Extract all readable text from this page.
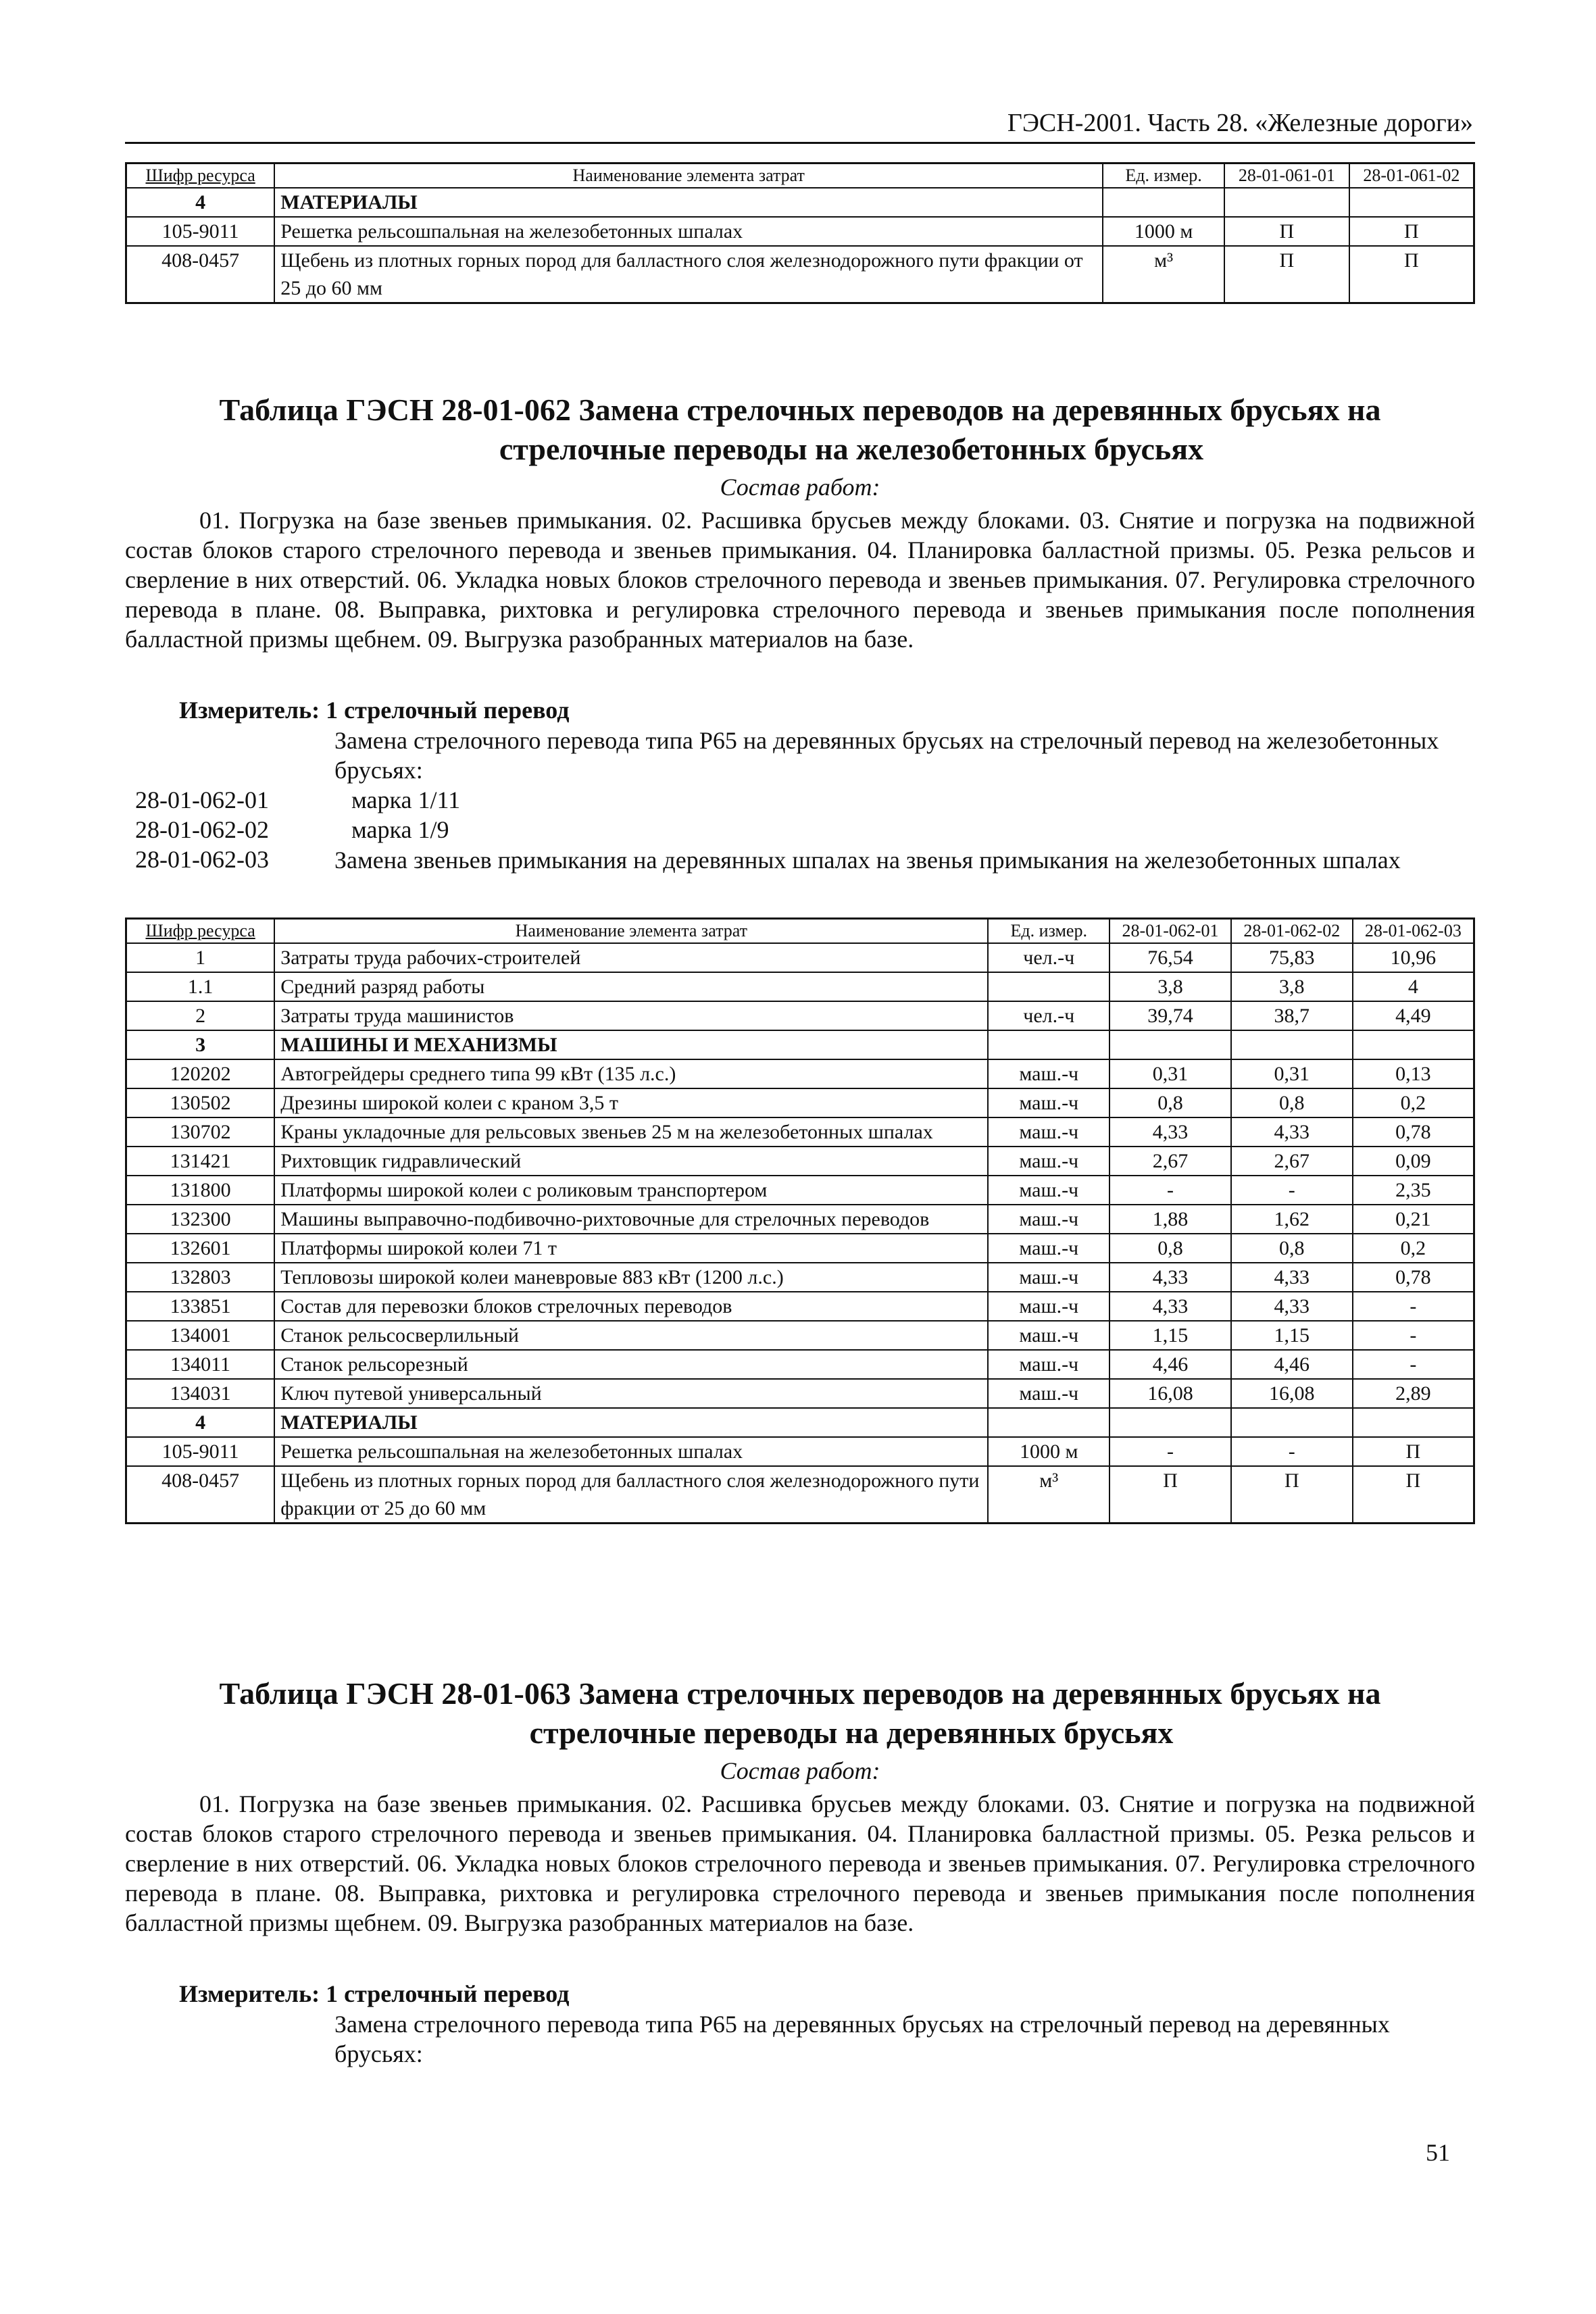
ГЭСН-2001. Часть 28. «Железные дороги»
Шифр ресурса	Наименование элемента затрат	Ед. измер.	28-01-061-01	28-01-061-02
4	МАТЕРИАЛЫ			
105-9011	Решетка рельсошпальная на железобетонных шпалах	1000 м	П	П
408-0457	Щебень из плотных горных пород для балластного слоя железнодорожного пути фракции от 25 до 60 мм	м³	П	П
Таблица ГЭСН 28-01-062 Замена стрелочных переводов на деревянных брусьях на
стрелочные переводы на железобетонных брусьях
Состав работ:
01. Погрузка на базе звеньев примыкания. 02. Расшивка брусьев между блоками. 03. Снятие и погрузка на подвижной состав блоков старого стрелочного перевода и звеньев примыкания. 04. Планировка балластной призмы. 05. Резка рельсов и сверление в них отверстий. 06. Укладка новых блоков стрелочного перевода и звеньев примыкания. 07. Регулировка стрелочного перевода в плане. 08. Выправка, рихтовка и регулировка стрелочного перевода и звеньев примыкания после пополнения балластной призмы щебнем. 09. Выгрузка разобранных материалов на базе.
Измеритель: 1 стрелочный перевод
Замена стрелочного перевода типа Р65 на деревянных брусьях на стрелочный перевод на железобетонных брусьях:
28-01-062-01	марка 1/11
28-01-062-02	марка 1/9
28-01-062-03	Замена звеньев примыкания на деревянных шпалах на звенья примыкания на железобетонных шпалах
Шифр ресурса	Наименование элемента затрат	Ед. измер.	28-01-062-01	28-01-062-02	28-01-062-03
1	Затраты труда рабочих-строителей	чел.-ч	76,54	75,83	10,96
1.1	Средний разряд работы		3,8	3,8	4
2	Затраты труда машинистов	чел.-ч	39,74	38,7	4,49
3	МАШИНЫ И МЕХАНИЗМЫ				
120202	Автогрейдеры среднего типа 99 кВт (135 л.с.)	маш.-ч	0,31	0,31	0,13
130502	Дрезины широкой колеи с краном 3,5 т	маш.-ч	0,8	0,8	0,2
130702	Краны укладочные для рельсовых звеньев 25 м на железобетонных шпалах	маш.-ч	4,33	4,33	0,78
131421	Рихтовщик гидравлический	маш.-ч	2,67	2,67	0,09
131800	Платформы широкой колеи с роликовым транспортером	маш.-ч	-	-	2,35
132300	Машины выправочно-подбивочно-рихтовочные для стрелочных переводов	маш.-ч	1,88	1,62	0,21
132601	Платформы широкой колеи 71 т	маш.-ч	0,8	0,8	0,2
132803	Тепловозы широкой колеи маневровые 883 кВт (1200 л.с.)	маш.-ч	4,33	4,33	0,78
133851	Состав для перевозки блоков стрелочных переводов	маш.-ч	4,33	4,33	-
134001	Станок рельсосверлильный	маш.-ч	1,15	1,15	-
134011	Станок рельсорезный	маш.-ч	4,46	4,46	-
134031	Ключ путевой универсальный	маш.-ч	16,08	16,08	2,89
4	МАТЕРИАЛЫ				
105-9011	Решетка рельсошпальная на железобетонных шпалах	1000 м	-	-	П
408-0457	Щебень из плотных горных пород для балластного слоя железнодорожного пути фракции от 25 до 60 мм	м³	П	П	П
Таблица ГЭСН 28-01-063 Замена стрелочных переводов на деревянных брусьях на
стрелочные переводы на деревянных брусьях
Состав работ:
01. Погрузка на базе звеньев примыкания. 02. Расшивка брусьев между блоками. 03. Снятие и погрузка на подвижной состав блоков старого стрелочного перевода и звеньев примыкания. 04. Планировка балластной призмы. 05. Резка рельсов и сверление в них отверстий. 06. Укладка новых блоков стрелочного перевода и звеньев примыкания. 07. Регулировка стрелочного перевода в плане. 08. Выправка, рихтовка и регулировка стрелочного перевода и звеньев примыкания после пополнения балластной призмы щебнем. 09. Выгрузка разобранных материалов на базе.
Измеритель: 1 стрелочный перевод
Замена стрелочного перевода типа Р65 на деревянных брусьях на стрелочный перевод на деревянных брусьях:
51
